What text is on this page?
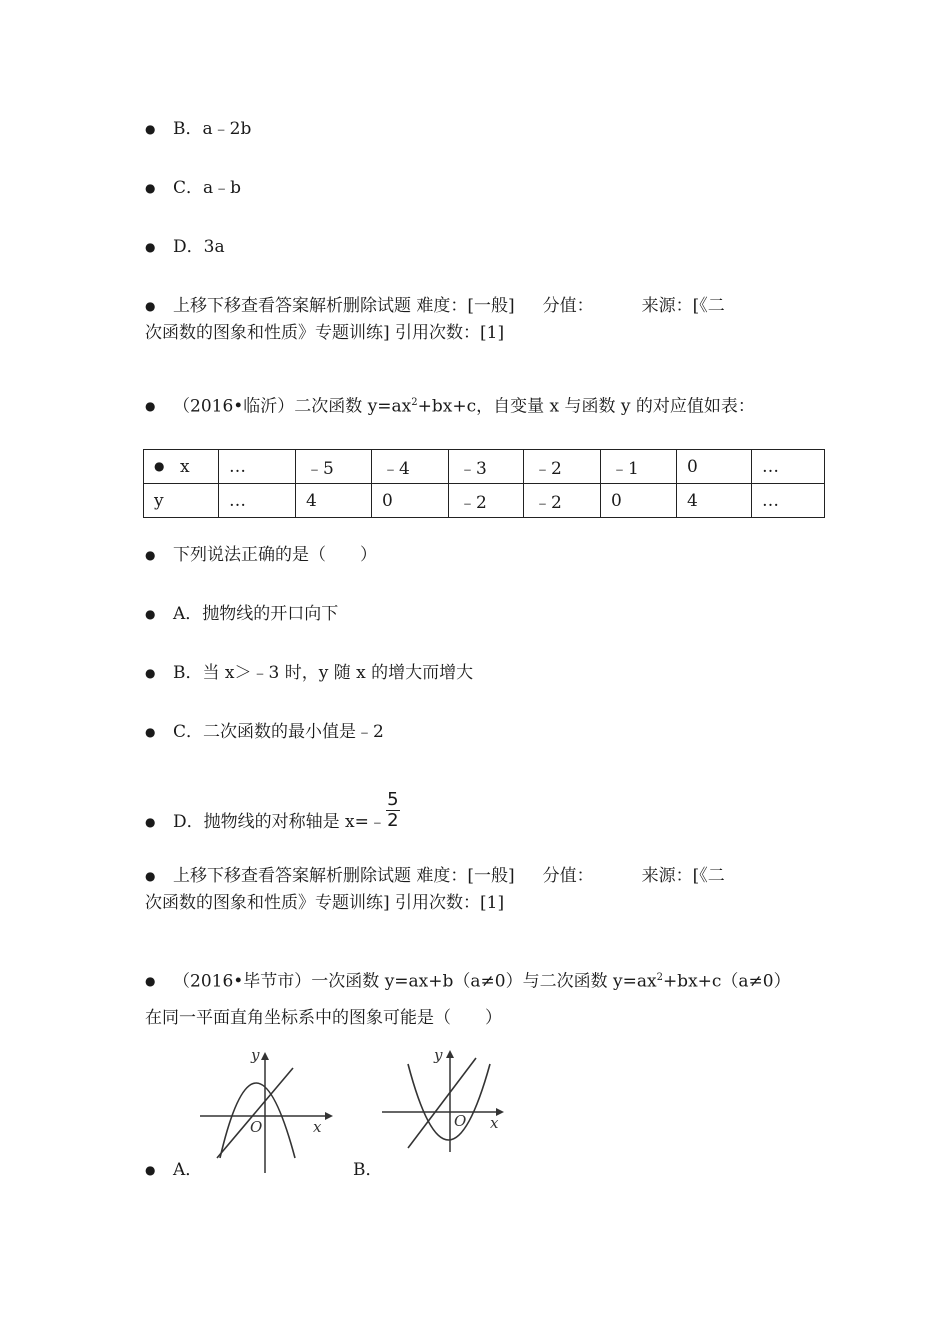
● B．a﹣2b
● C．a﹣b
● D．3a
● 上移下移查看答案解析删除试题 难度：[一般] 分值：	来源：[《二
次函数的图象和性质》专题训练] 引用次数：[1]
● （2016•临沂）二次函数 $y=ax^2+bx+c$，自变量 x 与函数 y 的对应值如表：
● x	…	﹣5	﹣4	﹣3	﹣2	﹣1	0	…
y	…	4	0	﹣2	﹣2	0	4	…
● 下列说法正确的是（　　）
● A．抛物线的开口向下
● B．当 x＞﹣3 时，y 随 x 的增大而增大
● C．二次函数的最小值是﹣2
● D．抛物线的对称轴是 $x=﹣\frac{5}{2}$
● 上移下移查看答案解析删除试题 难度：[一般] 分值：	来源：[《二
次函数的图象和性质》专题训练] 引用次数：[1]
● （2016•毕节市）一次函数 y=ax+b（a≠0）与二次函数 $y=ax^2+bx+c(a\ne 0)$
在同一平面直角坐标系中的图象可能是（　　）
y
x
O
● A．
y
x
O
B．
